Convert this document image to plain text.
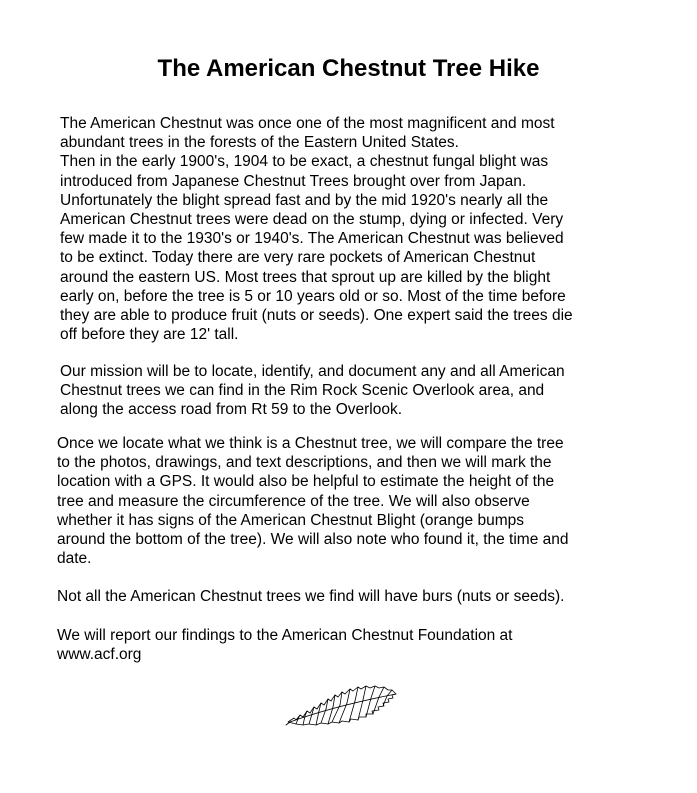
The American Chestnut Tree Hike

The American Chestnut was once one of the most magnificent and most
abundant trees in the forests of the Eastern United States.
Then in the early 1900's, 1904 to be exact, a chestnut fungal blight was
introduced from Japanese Chestnut Trees brought over from Japan.
Unfortunately the blight spread fast and by the mid 1920's nearly all the
American Chestnut trees were dead on the stump, dying or infected. Very
few made it to the 1930's or 1940's. The American Chestnut was believed
to be extinct. Today there are very rare pockets of American Chestnut
around the eastern US. Most trees that sprout up are killed by the blight
early on, before the tree is 5 or 10 years old or so. Most of the time before
they are able to produce fruit (nuts or seeds). One expert said the trees die
off before they are 12' tall.

Our mission will be to locate, identify, and document any and all American
Chestnut trees we can find in the Rim Rock Scenic Overlook area, and
along the access road from Rt 59 to the Overlook.

Once we locate what we think is a Chestnut tree, we will compare the tree
to the photos, drawings, and text descriptions, and then we will mark the
location with a GPS. It would also be helpful to estimate the height of the
tree and measure the circumference of the tree. We will also observe
whether it has signs of the American Chestnut Blight (orange bumps
around the bottom of the tree). We will also note who found it, the time and
date.

Not all the American Chestnut trees we find will have burs (nuts or seeds).

We will report our findings to the American Chestnut Foundation at
www.acf.org
